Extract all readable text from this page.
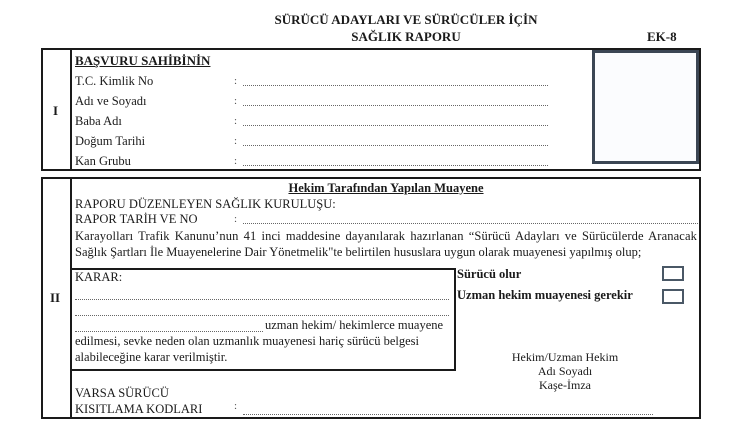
SÜRÜCÜ ADAYLARI VE SÜRÜCÜLER İÇİN
SAĞLIK RAPORU	EK-8
I
BAŞVURU SAHİBİNİN
T.C. Kimlik No	:
Adı ve Soyadı	:
Baba Adı	:
Doğum Tarihi	:
Kan Grubu	:
II
Hekim Tarafından Yapılan Muayene
RAPORU DÜZENLEYEN SAĞLIK KURULUŞU:
RAPOR TARİH VE NO	:
Karayolları Trafik Kanunu’nun 41 inci maddesine dayanılarak hazırlanan “Sürücü Adayları ve Sürücülerde Aranacak
Sağlık Şartları İle Muayenelerine Dair Yönetmelik"te belirtilen hususlara uygun olarak muayenesi yapılmış olup;
KARAR:
uzman hekim/ hekimlerce muayene
edilmesi, sevke neden olan uzmanlık muayenesi hariç sürücü belgesi
alabileceğine karar verilmiştir.
Sürücü olur
Uzman hekim muayenesi gerekir
Hekim/Uzman Hekim
Adı Soyadı
Kaşe-İmza
VARSA SÜRÜCÜ
KISITLAMA KODLARI	:
